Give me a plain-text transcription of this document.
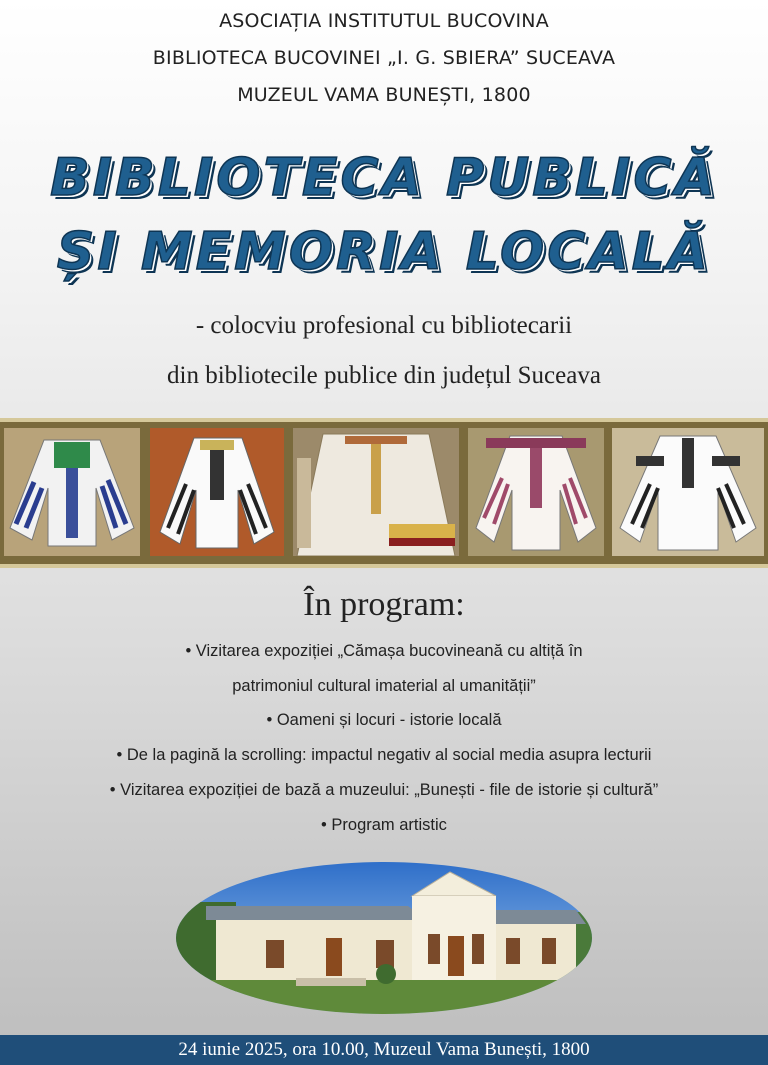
ASOCIAȚIA INSTITUTUL BUCOVINA
BIBLIOTECA BUCOVINEI „I. G. SBIERA” SUCEAVA
MUZEUL VAMA BUNEȘTI, 1800
BIBLIOTECA PUBLICĂ
ȘI MEMORIA LOCALĂ
- colocviu profesional cu bibliotecarii
din bibliotecile publice din județul Suceava
În program:
• Vizitarea expoziției „Cămașa bucovineană cu altiță în
patrimoniul cultural imaterial al umanității”
• Oameni și locuri - istorie locală
• De la pagină la scrolling: impactul negativ al social media asupra lecturii
• Vizitarea expoziției de bază a muzeului: „Bunești - file de istorie și cultură”
• Program artistic
24 iunie 2025, ora 10.00, Muzeul Vama Bunești, 1800
